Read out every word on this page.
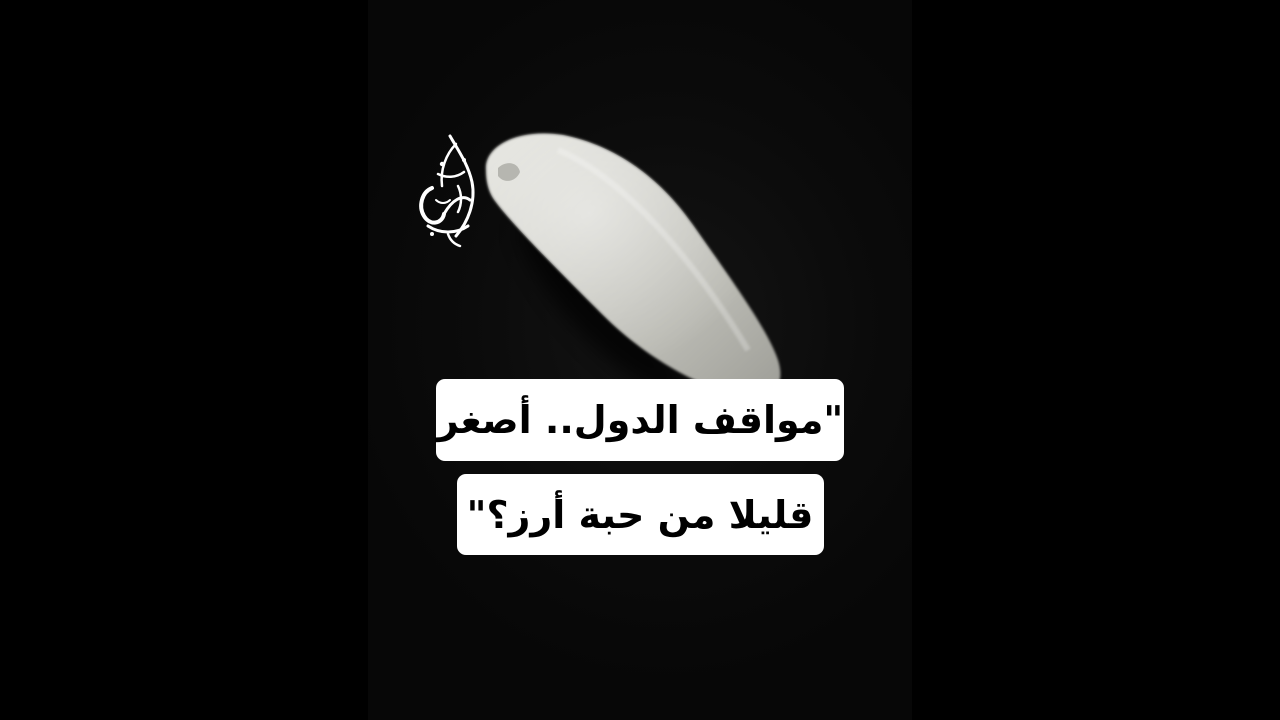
"مواقف الدول.. أصغر
قليلا من حبة أرز؟"
